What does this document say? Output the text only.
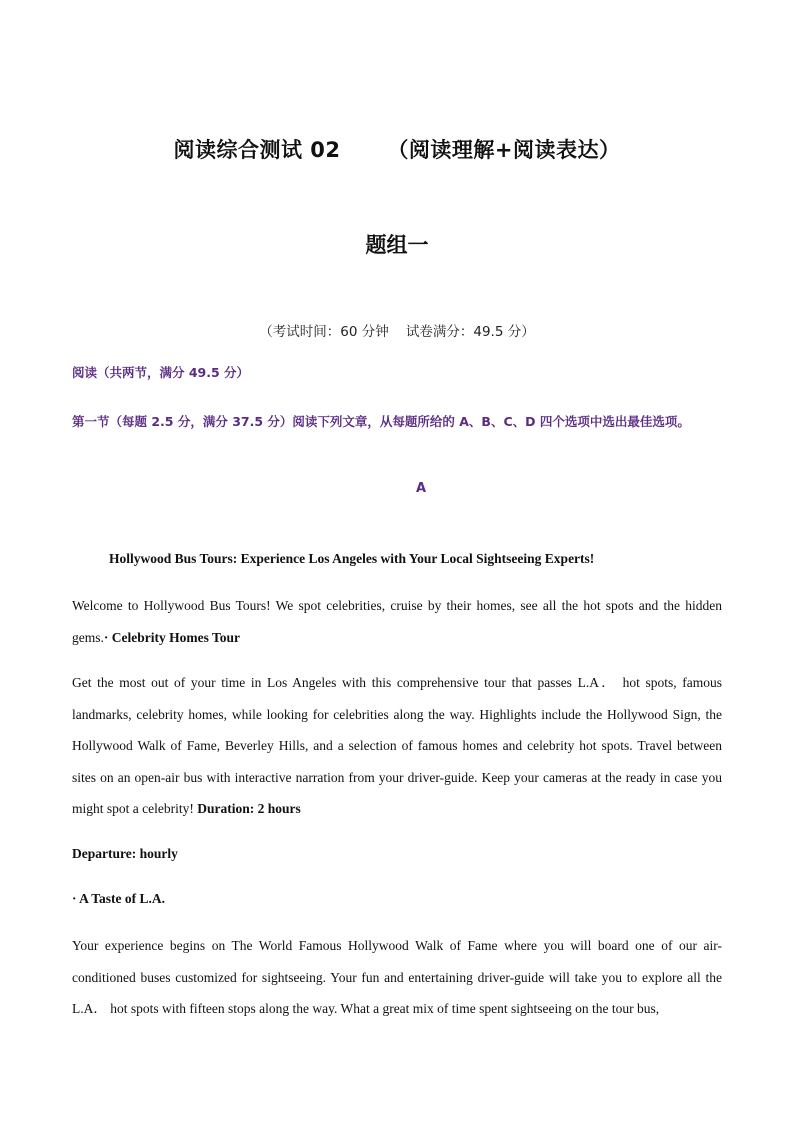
阅读综合测试 02      （阅读理解+阅读表达）
题组一
（考试时间：60 分钟    试卷满分：49.5 分）
阅读（共两节，满分 49.5 分）
第一节（每题 2.5 分，满分 37.5 分）阅读下列文章，从每题所给的 A、B、C、D 四个选项中选出最佳选项。
A
Hollywood Bus Tours: Experience Los Angeles with Your Local Sightseeing Experts!

Welcome to Hollywood Bus Tours! We spot celebrities, cruise by their homes, see all the hot spots and the hidden gems.· Celebrity Homes Tour

Get the most out of your time in Los Angeles with this comprehensive tour that passes L.A． hot spots, famous landmarks, celebrity homes, while looking for celebrities along the way. Highlights include the Hollywood Sign, the Hollywood Walk of Fame, Beverley Hills, and a selection of famous homes and celebrity hot spots. Travel between sites on an open-air bus with interactive narration from your driver-guide. Keep your cameras at the ready in case you might spot a celebrity! Duration: 2 hours

Departure: hourly
· A Taste of L.A.

Your experience begins on The World Famous Hollywood Walk of Fame where you will board one of our air-conditioned buses customized for sightseeing. Your fun and entertaining driver-guide will take you to explore all the L.A． hot spots with fifteen stops along the way. What a great mix of time spent sightseeing on the tour bus,
